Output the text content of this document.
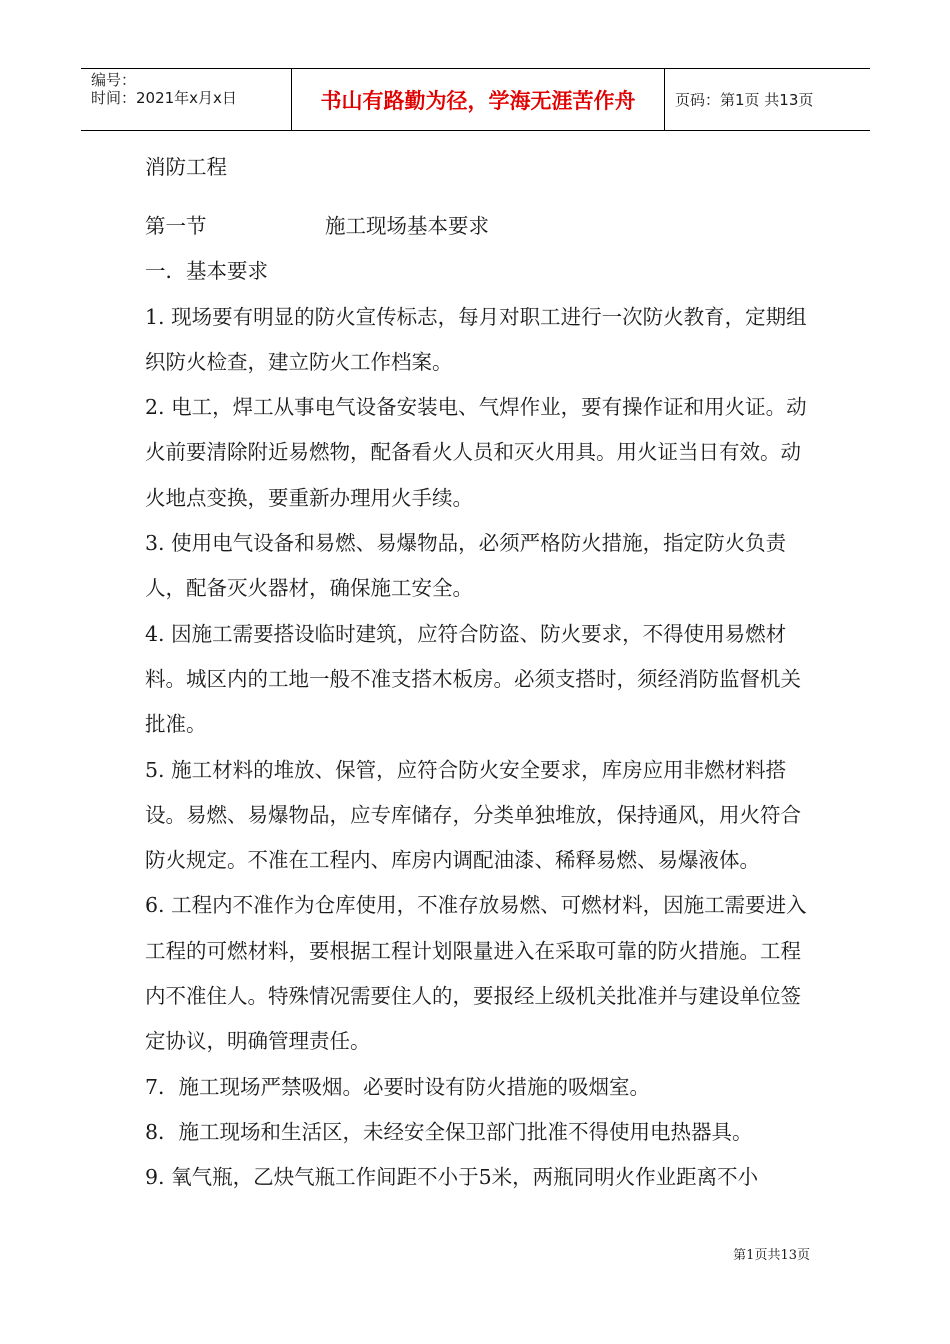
编号：
时间：2021年x月x日	书山有路勤为径，学海无涯苦作舟	页码：第1页 共13页

消防工程

第一节	施工现场基本要求

一．基本要求

1. 现场要有明显的防火宣传标志，每月对职工进行一次防火教育，定期组织防火检查，建立防火工作档案。

2. 电工，焊工从事电气设备安装电、气焊作业，要有操作证和用火证。动火前要清除附近易燃物，配备看火人员和灭火用具。用火证当日有效。动火地点变换，要重新办理用火手续。

3. 使用电气设备和易燃、易爆物品，必须严格防火措施，指定防火负责人，配备灭火器材，确保施工安全。

4. 因施工需要搭设临时建筑，应符合防盗、防火要求，不得使用易燃材料。城区内的工地一般不准支搭木板房。必须支搭时，须经消防监督机关批准。

5. 施工材料的堆放、保管，应符合防火安全要求，库房应用非燃材料搭设。易燃、易爆物品，应专库储存，分类单独堆放，保持通风，用火符合防火规定。不准在工程内、库房内调配油漆、稀释易燃、易爆液体。

6. 工程内不准作为仓库使用，不准存放易燃、可燃材料，因施工需要进入工程的可燃材料，要根据工程计划限量进入在采取可靠的防火措施。工程内不准住人。特殊情况需要住人的，要报经上级机关批准并与建设单位签定协议，明确管理责任。

7．施工现场严禁吸烟。必要时设有防火措施的吸烟室。

8．施工现场和生活区，未经安全保卫部门批准不得使用电热器具。

9. 氧气瓶，乙炔气瓶工作间距不小于5米，两瓶同明火作业距离不小

第1页共13页
